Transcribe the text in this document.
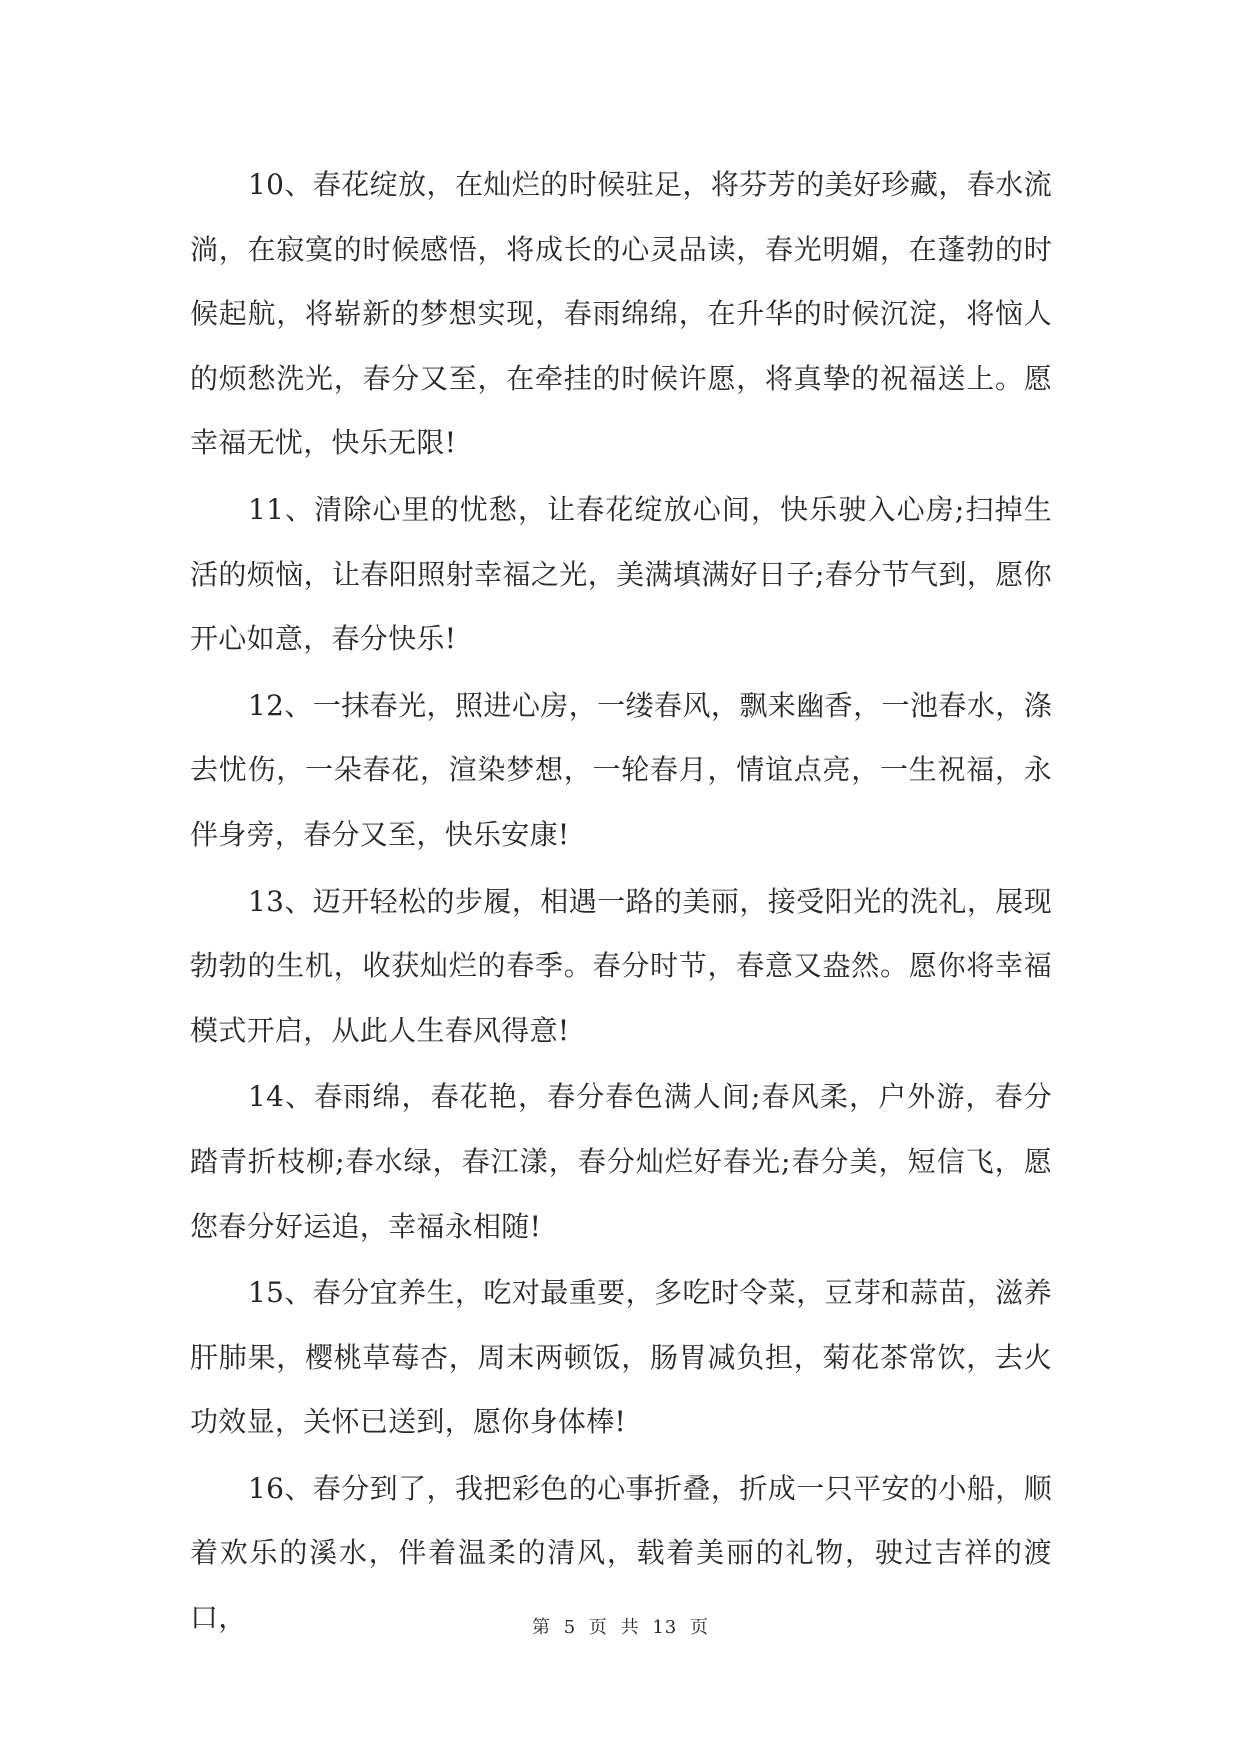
10、春花绽放，在灿烂的时候驻足，将芬芳的美好珍藏，春水流淌，在寂寞的时候感悟，将成长的心灵品读，春光明媚，在蓬勃的时候起航，将崭新的梦想实现，春雨绵绵，在升华的时候沉淀，将恼人的烦愁洗光，春分又至，在牵挂的时候许愿，将真挚的祝福送上。愿幸福无忧，快乐无限!

11、清除心里的忧愁，让春花绽放心间，快乐驶入心房;扫掉生活的烦恼，让春阳照射幸福之光，美满填满好日子;春分节气到，愿你开心如意，春分快乐!

12、一抹春光，照进心房，一缕春风，飘来幽香，一池春水，涤去忧伤，一朵春花，渲染梦想，一轮春月，情谊点亮，一生祝福，永伴身旁，春分又至，快乐安康!

13、迈开轻松的步履，相遇一路的美丽，接受阳光的洗礼，展现勃勃的生机，收获灿烂的春季。春分时节，春意又盎然。愿你将幸福模式开启，从此人生春风得意!

14、春雨绵，春花艳，春分春色满人间;春风柔，户外游，春分踏青折枝柳;春水绿，春江漾，春分灿烂好春光;春分美，短信飞，愿您春分好运追，幸福永相随!

15、春分宜养生，吃对最重要，多吃时令菜，豆芽和蒜苗，滋养肝肺果，樱桃草莓杏，周末两顿饭，肠胃减负担，菊花茶常饮，去火功效显，关怀已送到，愿你身体棒!

16、春分到了，我把彩色的心事折叠，折成一只平安的小船，顺着欢乐的溪水，伴着温柔的清风，载着美丽的礼物，驶过吉祥的渡口，	第 5 页 共 13 页
